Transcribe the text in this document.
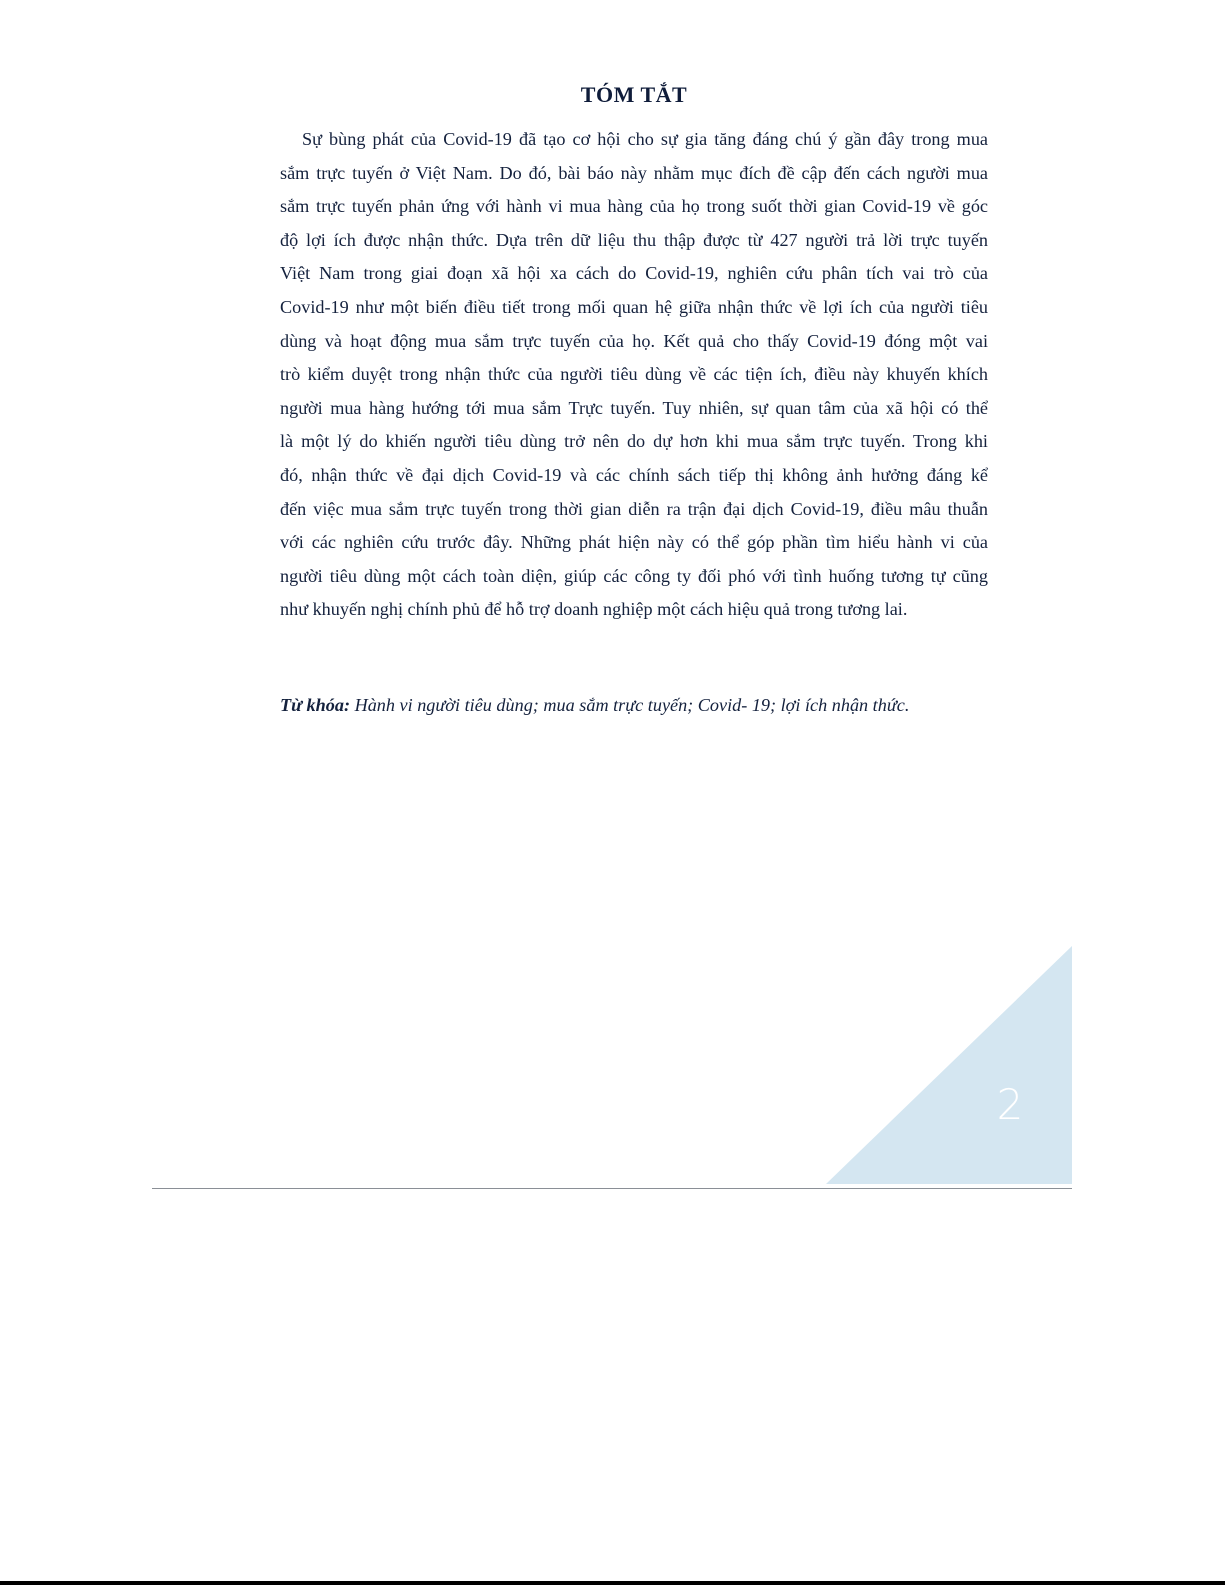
TÓM TẮT
Sự bùng phát của Covid-19 đã tạo cơ hội cho sự gia tăng đáng chú ý gần đây trong mua
sắm trực tuyến ở Việt Nam. Do đó, bài báo này nhằm mục đích đề cập đến cách người mua
sắm trực tuyến phản ứng với hành vi mua hàng của họ trong suốt thời gian Covid-19 về góc
độ lợi ích được nhận thức. Dựa trên dữ liệu thu thập được từ 427 người trả lời trực tuyến
Việt Nam trong giai đoạn xã hội xa cách do Covid-19, nghiên cứu phân tích vai trò của
Covid-19 như một biến điều tiết trong mối quan hệ giữa nhận thức về lợi ích của người tiêu
dùng và hoạt động mua sắm trực tuyến của họ. Kết quả cho thấy Covid-19 đóng một vai
trò kiểm duyệt trong nhận thức của người tiêu dùng về các tiện ích, điều này khuyến khích
người mua hàng hướng tới mua sắm Trực tuyến. Tuy nhiên, sự quan tâm của xã hội có thể
là một lý do khiến người tiêu dùng trở nên do dự hơn khi mua sắm trực tuyến. Trong khi
đó, nhận thức về đại dịch Covid-19 và các chính sách tiếp thị không ảnh hưởng đáng kể
đến việc mua sắm trực tuyến trong thời gian diễn ra trận đại dịch Covid-19, điều mâu thuẫn
với các nghiên cứu trước đây. Những phát hiện này có thể góp phần tìm hiểu hành vi của
người tiêu dùng một cách toàn diện, giúp các công ty đối phó với tình huống tương tự cũng
như khuyến nghị chính phủ để hỗ trợ doanh nghiệp một cách hiệu quả trong tương lai.
Từ khóa: Hành vi người tiêu dùng; mua sắm trực tuyến; Covid- 19; lợi ích nhận thức.
2
